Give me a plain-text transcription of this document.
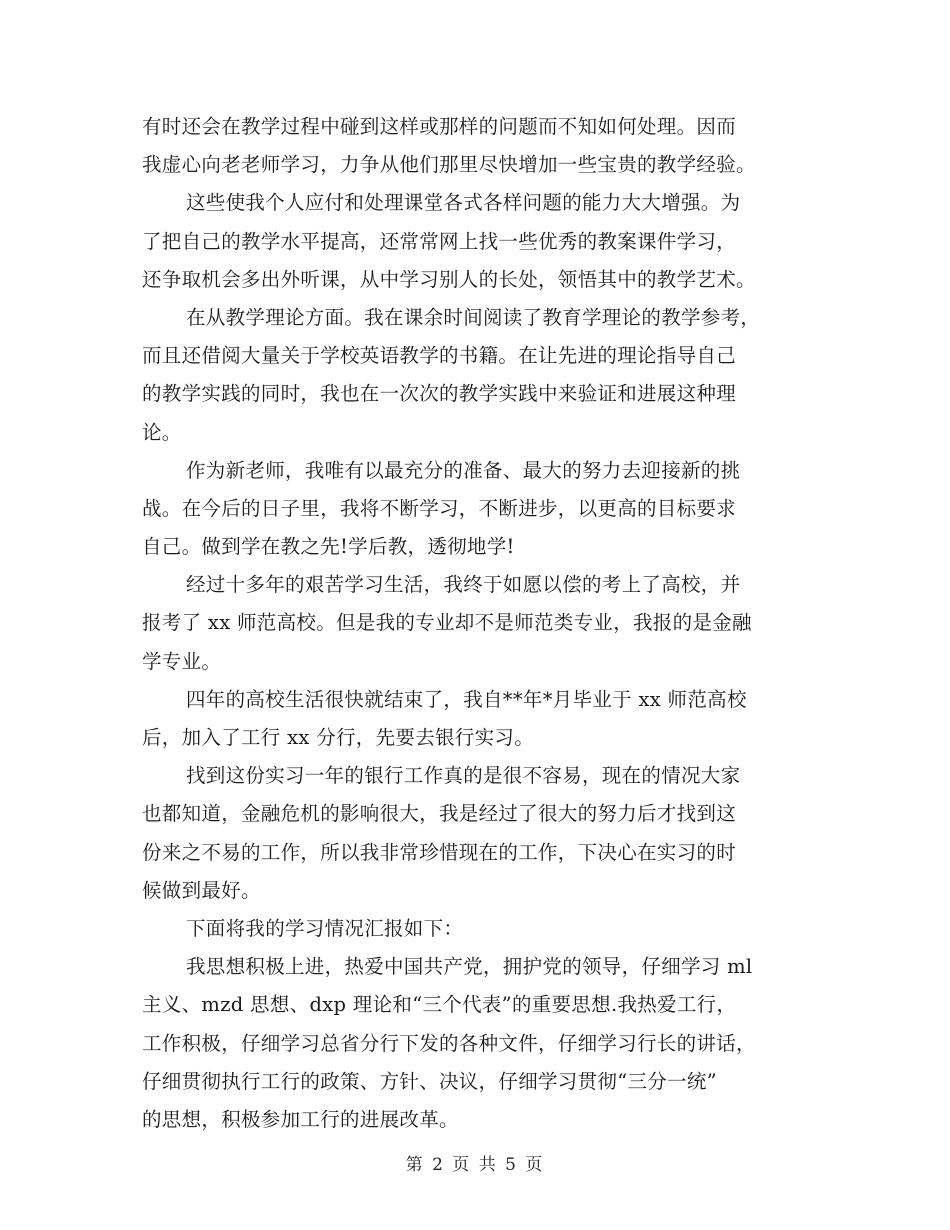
有时还会在教学过程中碰到这样或那样的问题而不知如何处理。因而
我虚心向老老师学习，力争从他们那里尽快增加一些宝贵的教学经验。
这些使我个人应付和处理课堂各式各样问题的能力大大增强。为
了把自己的教学水平提高，还常常网上找一些优秀的教案课件学习，
还争取机会多出外听课，从中学习别人的长处，领悟其中的教学艺术。
在从教学理论方面。我在课余时间阅读了教育学理论的教学参考，
而且还借阅大量关于学校英语教学的书籍。在让先进的理论指导自己
的教学实践的同时，我也在一次次的教学实践中来验证和进展这种理
论。
作为新老师，我唯有以最充分的准备、最大的努力去迎接新的挑
战。在今后的日子里，我将不断学习，不断进步，以更高的目标要求
自己。做到学在教之先!学后教，透彻地学!
经过十多年的艰苦学习生活，我终于如愿以偿的考上了高校，并
报考了 xx 师范高校。但是我的专业却不是师范类专业，我报的是金融
学专业。
四年的高校生活很快就结束了，我自**年*月毕业于 xx 师范高校
后，加入了工行 xx 分行，先要去银行实习。
找到这份实习一年的银行工作真的是很不容易，现在的情况大家
也都知道，金融危机的影响很大，我是经过了很大的努力后才找到这
份来之不易的工作，所以我非常珍惜现在的工作，下决心在实习的时
候做到最好。
下面将我的学习情况汇报如下：
我思想积极上进，热爱中国共产党，拥护党的领导，仔细学习 ml
主义、mzd 思想、dxp 理论和“三个代表”的重要思想.我热爱工行，
工作积极，仔细学习总省分行下发的各种文件，仔细学习行长的讲话，
仔细贯彻执行工行的政策、方针、决议，仔细学习贯彻“三分一统”
的思想，积极参加工行的进展改革。
第 2 页 共 5 页
